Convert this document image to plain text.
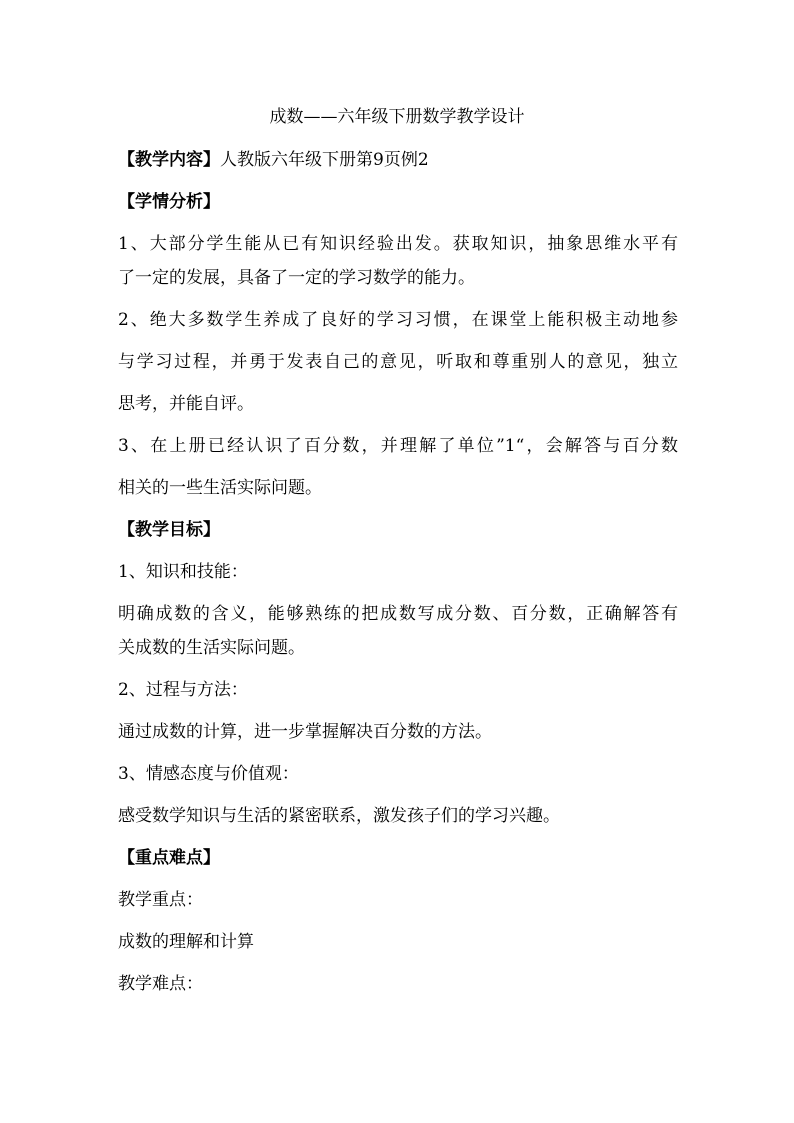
成数——六年级下册数学教学设计

【教学内容】人教版六年级下册第9页例2

【学情分析】

1、大部分学生能从已有知识经验出发。获取知识，抽象思维水平有

了一定的发展，具备了一定的学习数学的能力。

2、绝大多数学生养成了良好的学习习惯，在课堂上能积极主动地参

与学习过程，并勇于发表自己的意见，听取和尊重别人的意见，独立

思考，并能自评。

3、在上册已经认识了百分数，并理解了单位”1“，会解答与百分数

相关的一些生活实际问题。

【教学目标】

1、知识和技能：

明确成数的含义，能够熟练的把成数写成分数、百分数，正确解答有

关成数的生活实际问题。

2、过程与方法：

通过成数的计算，进一步掌握解决百分数的方法。

3、情感态度与价值观：

感受数学知识与生活的紧密联系，激发孩子们的学习兴趣。

【重点难点】

教学重点：

成数的理解和计算

教学难点：
